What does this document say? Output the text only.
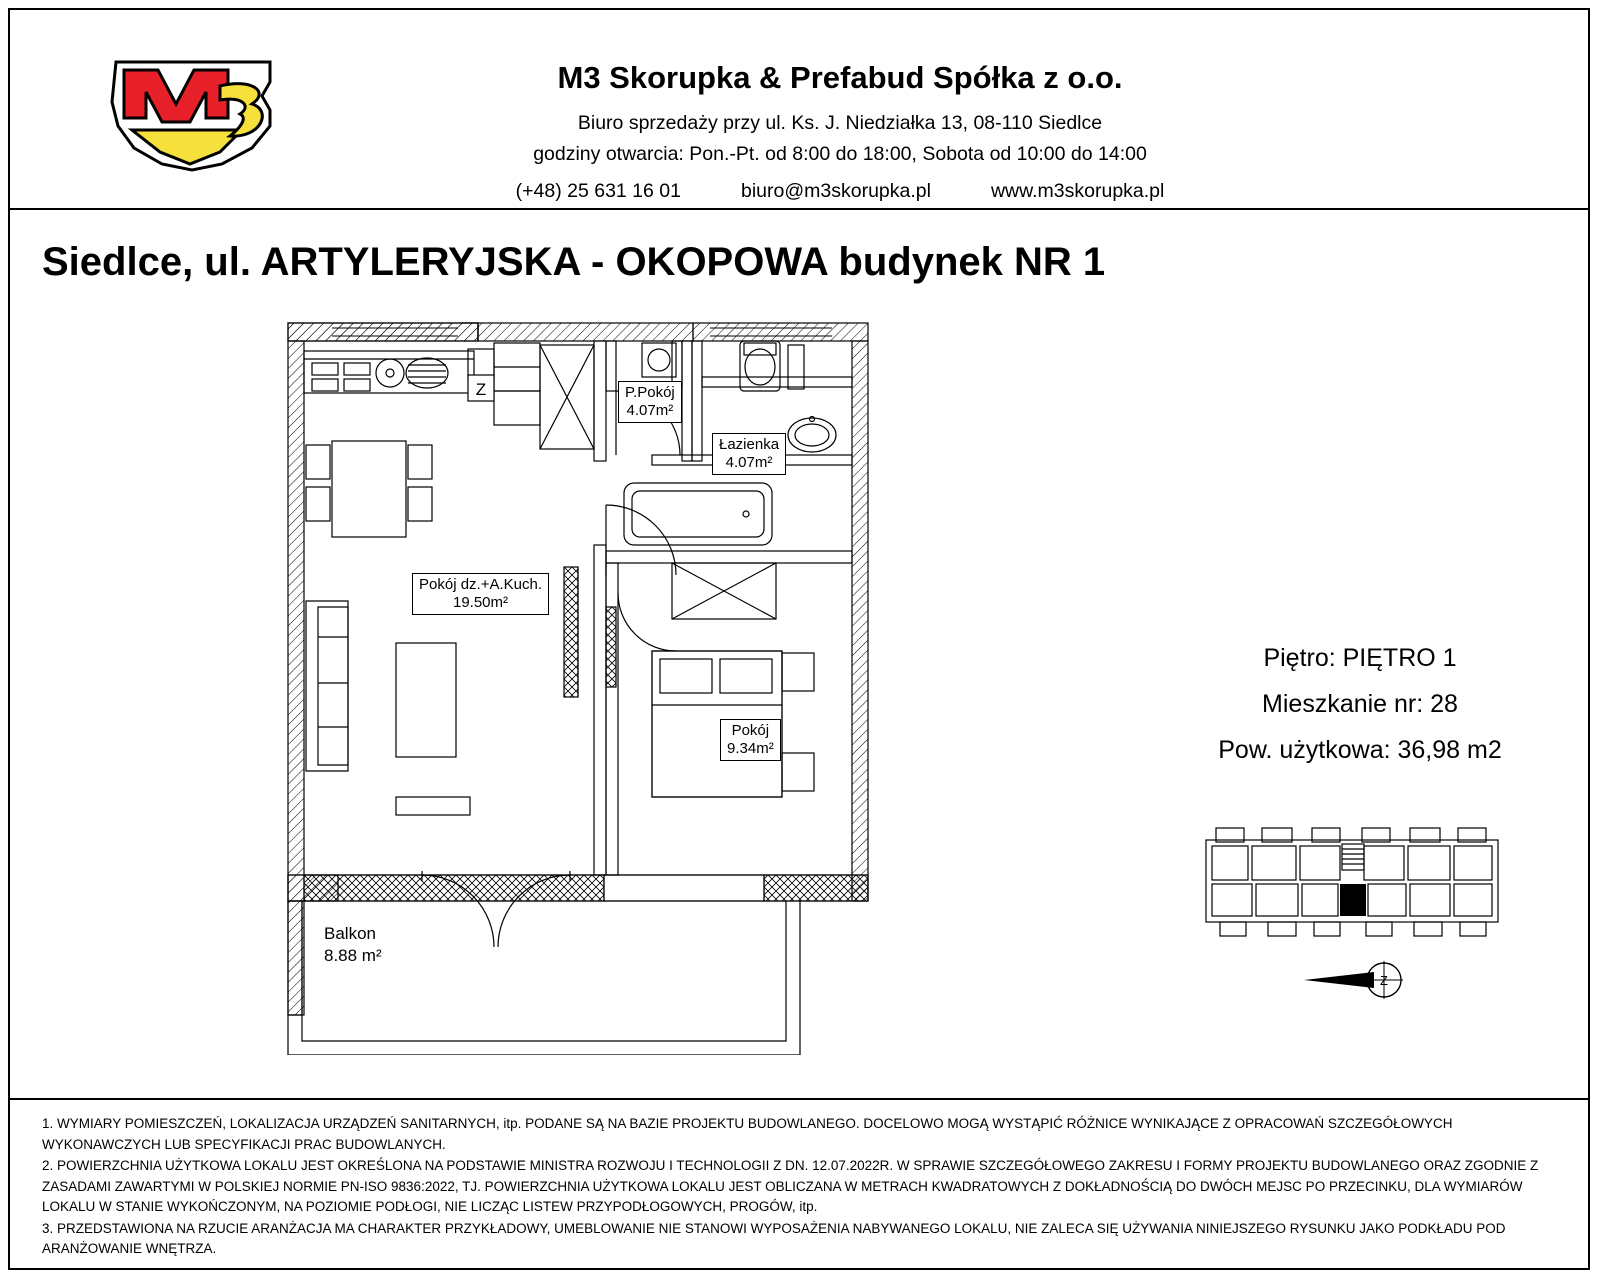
M3 Skorupka & Prefabud Spółka z o.o.
Biuro sprzedaży przy ul. Ks. J. Niedziałka 13, 08-110 Siedlce
godziny otwarcia: Pon.-Pt. od 8:00 do 18:00, Sobota od 10:00 do 14:00
(+48) 25 631 16 01	biuro@m3skorupka.pl	www.m3skorupka.pl
Siedlce, ul. ARTYLERYJSKA - OKOPOWA budynek NR 1
Piętro: PIĘTRO 1
Mieszkanie nr: 28
Pow. użytkowa: 36,98 m2
Z
Z	P.Pokój
4.07m²
Łazienka
4.07m²
Pokój dz.+A.Kuch.
19.50m²
Pokój
9.34m²
Balkon
8.88 m²

1. WYMIARY POMIESZCZEŃ, LOKALIZACJA URZĄDZEŃ SANITARNYCH, itp. PODANE SĄ NA BAZIE PROJEKTU BUDOWLANEGO. DOCELOWO MOGĄ WYSTĄPIĆ RÓŻNICE WYNIKAJĄCE Z OPRACOWAŃ SZCZEGÓŁOWYCH WYKONAWCZYCH LUB SPECYFIKACJI PRAC BUDOWLANYCH.

2. POWIERZCHNIA UŻYTKOWA LOKALU JEST OKREŚLONA NA PODSTAWIE MINISTRA ROZWOJU I TECHNOLOGII Z DN. 12.07.2022R. W SPRAWIE SZCZEGÓŁOWEGO ZAKRESU I FORMY PROJEKTU BUDOWLANEGO ORAZ ZGODNIE Z ZASADAMI ZAWARTYMI W POLSKIEJ NORMIE PN-ISO 9836:2022, TJ. POWIERZCHNIA UŻYTKOWA LOKALU JEST OBLICZANA W METRACH KWADRATOWYCH Z DOKŁADNOŚCIĄ DO DWÓCH MEJSC PO PRZECINKU, DLA WYMIARÓW LOKALU W STANIE WYKOŃCZONYM, NA POZIOMIE PODŁOGI, NIE LICZĄC LISTEW PRZYPODŁOGOWYCH, PROGÓW, itp.

3. PRZEDSTAWIONA NA RZUCIE ARANŻACJA MA CHARAKTER PRZYKŁADOWY, UMEBLOWANIE NIE STANOWI WYPOSAŻENIA NABYWANEGO LOKALU, NIE ZALECA SIĘ UŻYWANIA NINIEJSZEGO RYSUNKU JAKO PODKŁADU POD ARANŻOWANIE WNĘTRZA.
